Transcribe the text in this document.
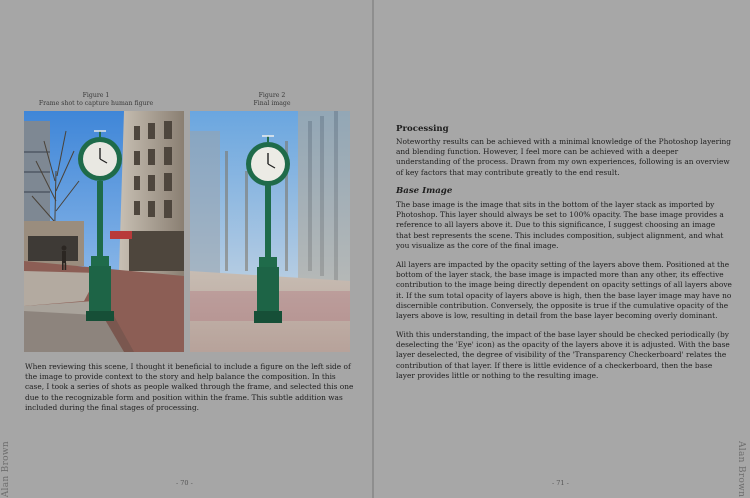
Figure 1
Frame shot to capture human figure
Figure 2
Final image

When reviewing this scene, I thought it beneficial to include a figure on the left side of the image to provide context to the story and help balance the composition. In this case, I took a series of shots as people walked through the frame, and selected this one due to the recognizable form and position within the frame. This subtle addition was included during the final stages of processing.

Processing

Noteworthy results can be achieved with a minimal knowledge of the Photoshop layering and blending function. However, I feel more can be achieved with a deeper understanding of the process. Drawn from my own experiences, following is an overview of key factors that may contribute greatly to the end result.

Base Image

The base image is the image that sits in the bottom of the layer stack as imported by Photoshop. This layer should always be set to 100% opacity. The base image provides a reference to all layers above it. Due to this significance, I suggest choosing an image that best represents the scene. This includes composition, subject alignment, and what you visualize as the core of the final image.

All layers are impacted by the opacity setting of the layers above them. Positioned at the bottom of the layer stack, the base image is impacted more than any other, its effective contribution to the image being directly dependent on opacity settings of all layers above it. If the sum total opacity of layers above is high, then the base layer image may have no discernible contribution. Conversely, the opposite is true if the cumulative opacity of the layers above is low, resulting in detail from the base layer becoming overly dominant.

With this understanding, the impact of the base layer should be checked periodically (by deselecting the 'Eye' icon) as the opacity of the layers above it is adjusted. With the base layer deselected, the degree of visibility of the 'Transparency Checkerboard' relates the contribution of that layer. If there is little evidence of a checkerboard, then the base layer provides little or nothing to the resulting image.

- 70 -	- 71 -
Alan Brown	Alan Brown
